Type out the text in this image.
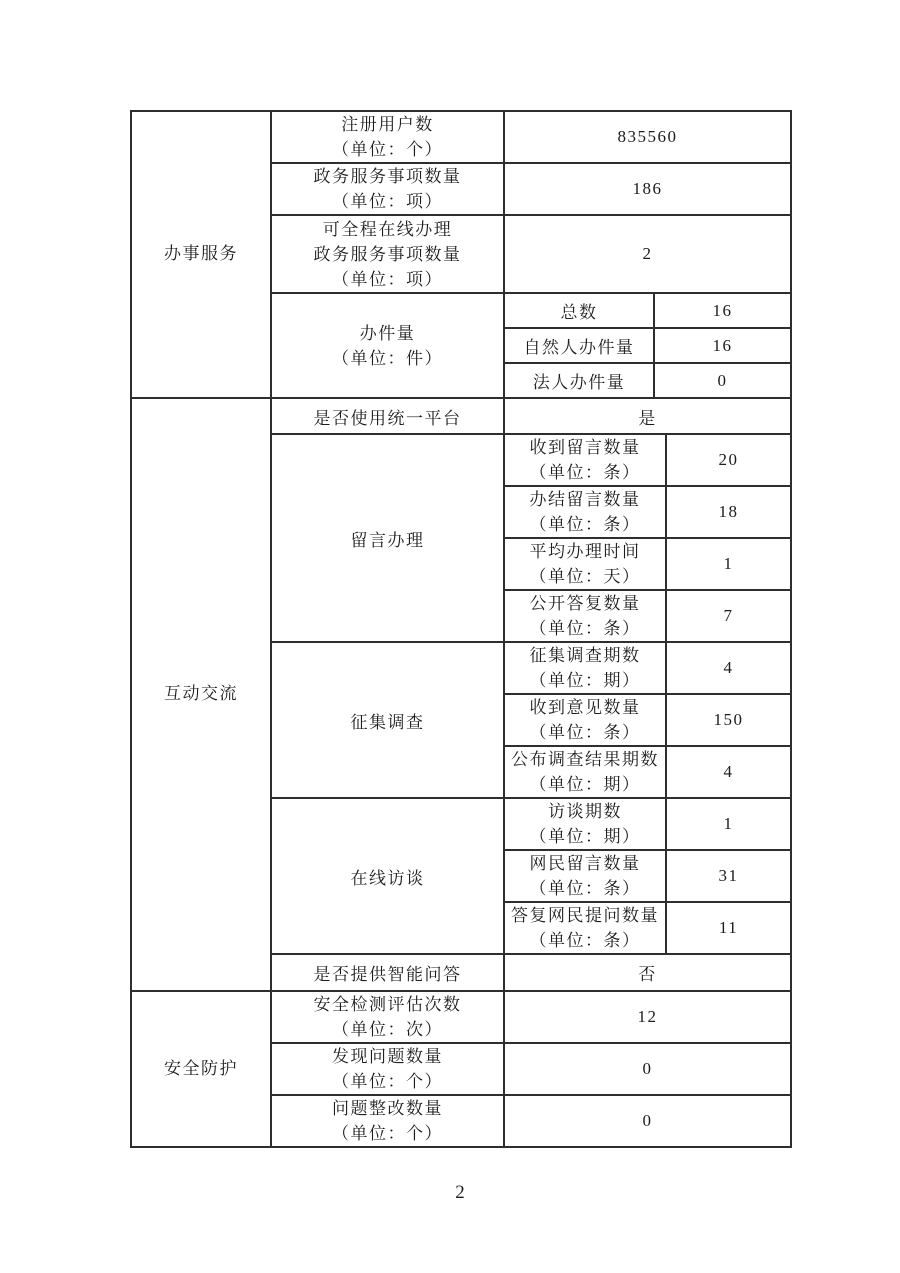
办事服务	注册用户数
（单位：个）	835560		

	政务服务事项数量
（单位：项）	186		

	可全程在线办理
政务服务事项数量
（单位：项）	2		

	办件量
（单位：件）	总数	16	
		自然人办件量	16	
		法人办件量	0	

互动交流	是否使用统一平台	是		
	留言办理	收到留言数量
（单位：条）		20

		办结留言数量
（单位：条）		18

		平均办理时间
（单位：天）		1

		公开答复数量
（单位：条）		7
	征集调查	征集调查期数
（单位：期）		4

		收到意见数量
（单位：条）		150

		公布调查结果期数
（单位：期）		4
	在线访谈	访谈期数
（单位：期）		1

		网民留言数量
（单位：条）		31

		答复网民提问数量
（单位：条）		11
	是否提供智能问答	否		

安全防护	安全检测评估次数
（单位：次）	12		

	发现问题数量
（单位：个）	0		

	问题整改数量
（单位：个）	0		
2
